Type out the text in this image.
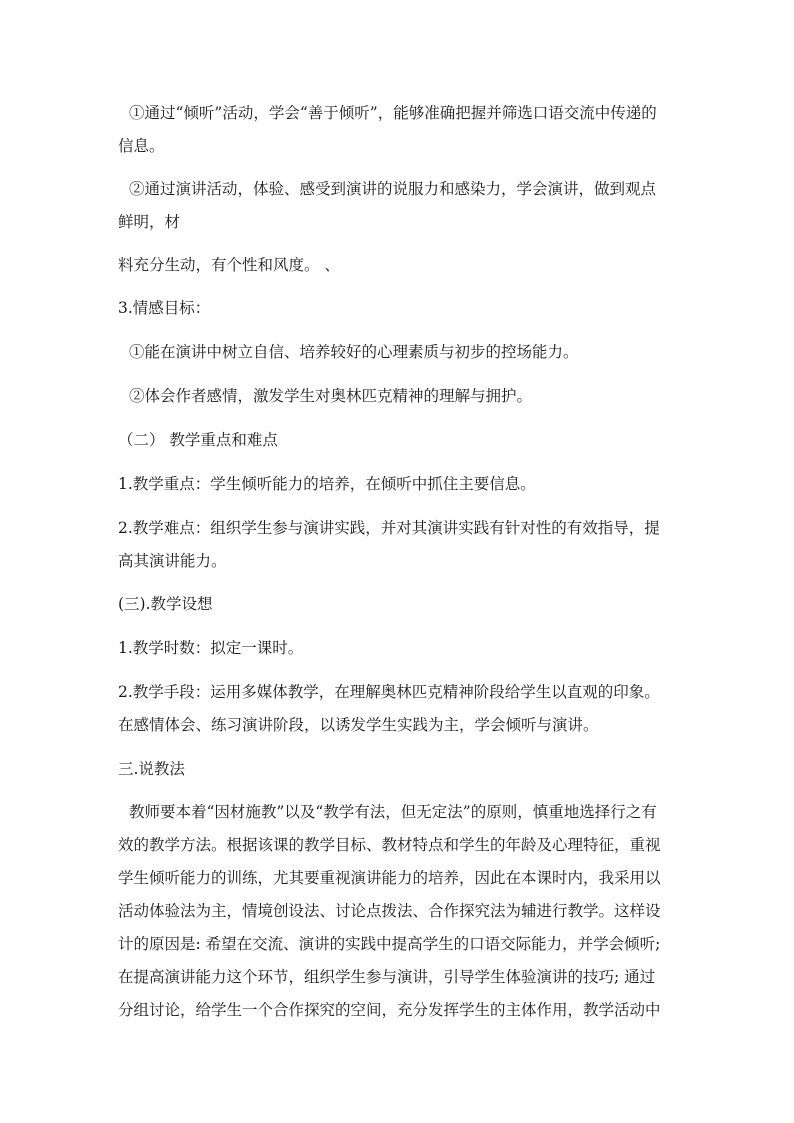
①通过“倾听”活动，学会“善于倾听”，能够准确把握并筛选口语交流中传递的

信息。

②通过演讲活动，体验、感受到演讲的说服力和感染力，学会演讲，做到观点

鲜明，材

料充分生动，有个性和风度。 、

3.情感目标：

①能在演讲中树立自信、培养较好的心理素质与初步的控场能力。

②体会作者感情，激发学生对奥林匹克精神的理解与拥护。

（二） 教学重点和难点

1.教学重点：学生倾听能力的培养，在倾听中抓住主要信息。

2.教学难点：组织学生参与演讲实践，并对其演讲实践有针对性的有效指导，提

高其演讲能力。

(三).教学设想

1.教学时数：拟定一课时。

2.教学手段：运用多媒体教学，在理解奥林匹克精神阶段给学生以直观的印象。

在感情体会、练习演讲阶段，以诱发学生实践为主，学会倾听与演讲。

三.说教法

教师要本着“因材施教”以及“教学有法，但无定法”的原则，慎重地选择行之有

效的教学方法。根据该课的教学目标、教材特点和学生的年龄及心理特征，重视

学生倾听能力的训练，尤其要重视演讲能力的培养，因此在本课时内，我采用以

活动体验法为主，情境创设法、讨论点拨法、合作探究法为辅进行教学。这样设

计的原因是: 希望在交流、演讲的实践中提高学生的口语交际能力，并学会倾听;

在提高演讲能力这个环节，组织学生参与演讲，引导学生体验演讲的技巧; 通过

分组讨论，给学生一个合作探究的空间，充分发挥学生的主体作用，教学活动中
